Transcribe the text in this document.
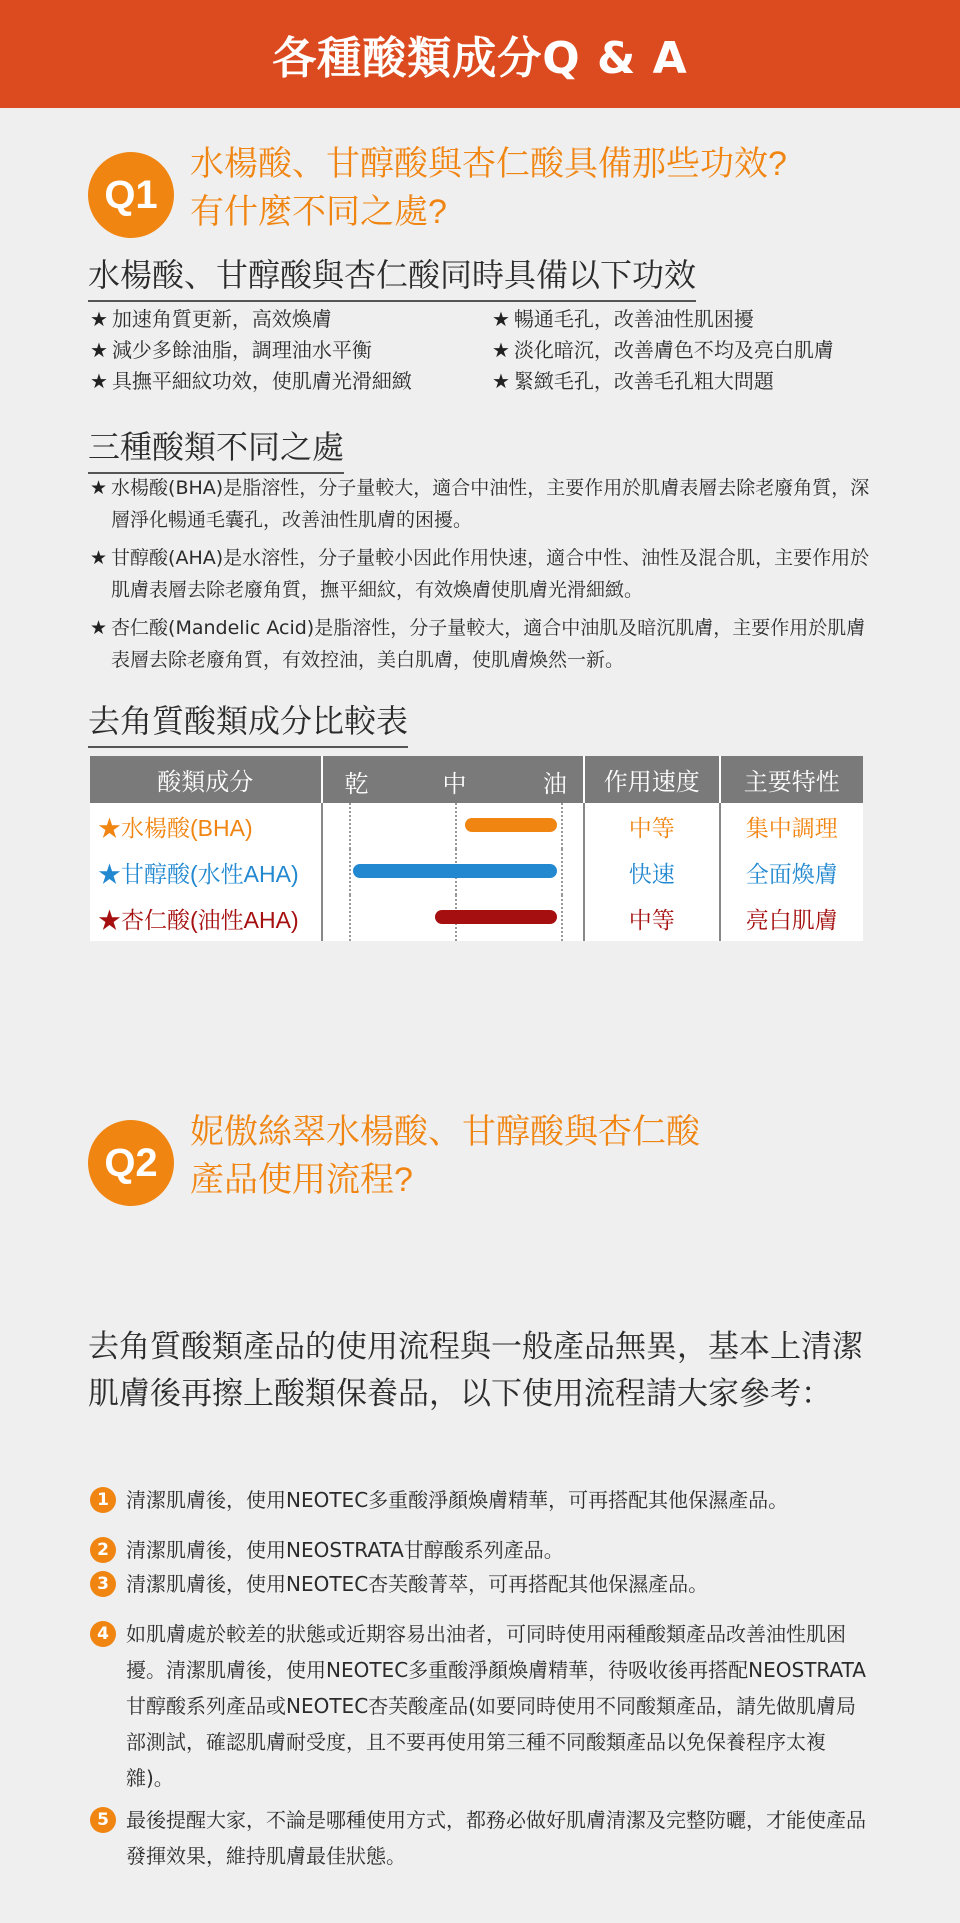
各種酸類成分Q & A
Q1
水楊酸、甘醇酸與杏仁酸具備那些功效?
有什麼不同之處?
水楊酸、甘醇酸與杏仁酸同時具備以下功效
★ 加速角質更新，高效煥膚
★ 減少多餘油脂，調理油水平衡
★ 具撫平細紋功效，使肌膚光滑細緻
★ 暢通毛孔，改善油性肌困擾
★ 淡化暗沉，改善膚色不均及亮白肌膚
★ 緊緻毛孔，改善毛孔粗大問題
三種酸類不同之處
★ 水楊酸(BHA)是脂溶性，分子量較大，適合中油性，主要作用於肌膚表層去除老廢角質，深層淨化暢通毛囊孔，改善油性肌膚的困擾。
★ 甘醇酸(AHA)是水溶性，分子量較小因此作用快速，適合中性、油性及混合肌，主要作用於肌膚表層去除老廢角質，撫平細紋，有效煥膚使肌膚光滑細緻。
★ 杏仁酸(Mandelic Acid)是脂溶性，分子量較大，適合中油肌及暗沉肌膚，主要作用於肌膚表層去除老廢角質，有效控油，美白肌膚，使肌膚煥然一新。
去角質酸類成分比較表
酸類成分	乾 中 油	作用速度	主要特性
★水楊酸(BHA)		中等	集中調理
★甘醇酸(水性AHA)		快速	全面煥膚
★杏仁酸(油性AHA)		中等	亮白肌膚
Q2
妮傲絲翠水楊酸、甘醇酸與杏仁酸
產品使用流程?
去角質酸類產品的使用流程與一般產品無異，基本上清潔肌膚後再擦上酸類保養品，以下使用流程請大家參考：
1 清潔肌膚後，使用NEOTEC多重酸淨顏煥膚精華，可再搭配其他保濕產品。
2 清潔肌膚後，使用NEOSTRATA甘醇酸系列產品。
3 清潔肌膚後，使用NEOTEC杏芙酸菁萃，可再搭配其他保濕產品。
4 如肌膚處於較差的狀態或近期容易出油者，可同時使用兩種酸類產品改善油性肌困擾。清潔肌膚後，使用NEOTEC多重酸淨顏煥膚精華，待吸收後再搭配NEOSTRATA甘醇酸系列產品或NEOTEC杏芙酸產品(如要同時使用不同酸類產品，請先做肌膚局部測試，確認肌膚耐受度，且不要再使用第三種不同酸類產品以免保養程序太複雜)。
5 最後提醒大家，不論是哪種使用方式，都務必做好肌膚清潔及完整防曬，才能使產品發揮效果，維持肌膚最佳狀態。
